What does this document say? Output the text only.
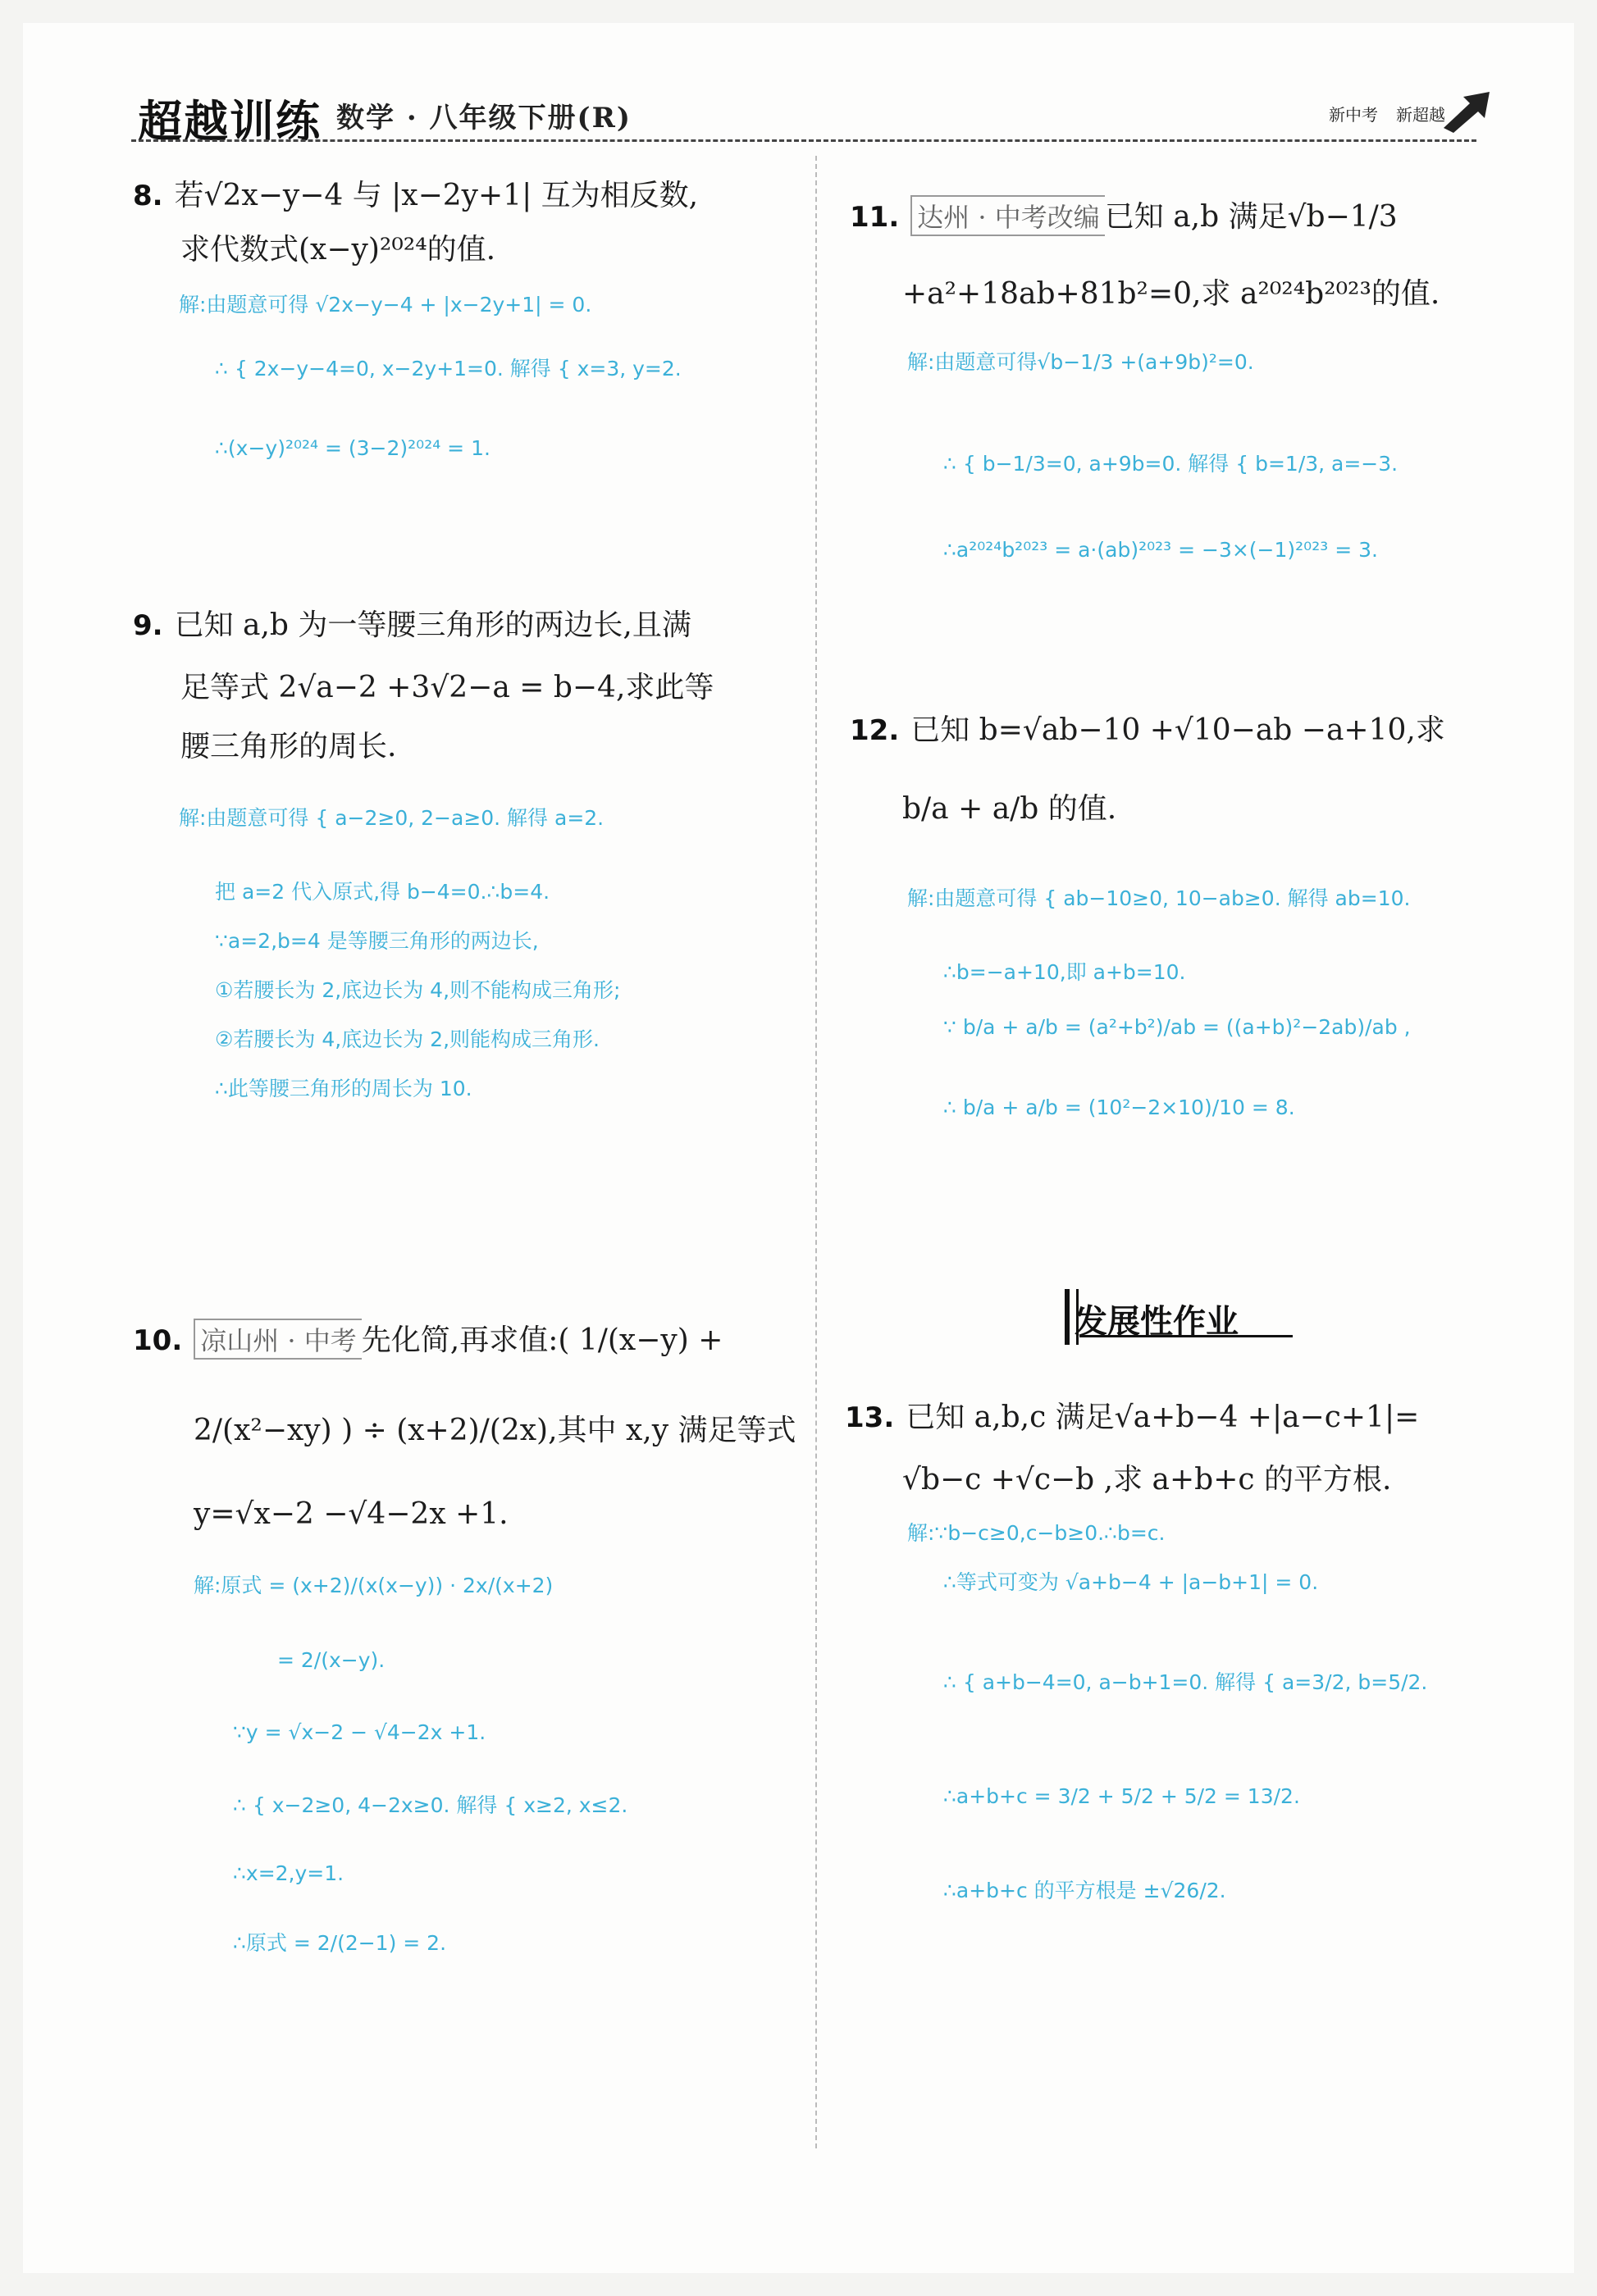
超越训练 数学 · 八年级下册(R)	新中考 新超越
8. 若√2x−y−4 与 |x−2y+1| 互为相反数,
求代数式(x−y)²⁰²⁴的值.
解:由题意可得 √2x−y−4 + |x−2y+1| = 0.
∴ { 2x−y−4=0, x−2y+1=0. 解得 { x=3, y=2.
∴(x−y)²⁰²⁴ = (3−2)²⁰²⁴ = 1.
9. 已知 a,b 为一等腰三角形的两边长,且满
足等式 2√a−2 +3√2−a = b−4,求此等
腰三角形的周长.
解:由题意可得 { a−2≥0, 2−a≥0. 解得 a=2.
把 a=2 代入原式,得 b−4=0.∴b=4.
∵a=2,b=4 是等腰三角形的两边长,
①若腰长为 2,底边长为 4,则不能构成三角形;
②若腰长为 4,底边长为 2,则能构成三角形.
∴此等腰三角形的周长为 10.
10. 凉山州 · 中考 先化简,再求值:( 1/(x−y) +
2/(x²−xy) ) ÷ (x+2)/(2x),其中 x,y 满足等式
y=√x−2 −√4−2x +1.
解:原式 = (x+2)/(x(x−y)) · 2x/(x+2)
= 2/(x−y).
∵y = √x−2 − √4−2x +1.
∴ { x−2≥0, 4−2x≥0. 解得 { x≥2, x≤2.
∴x=2,y=1.
∴原式 = 2/(2−1) = 2.
11. 达州 · 中考改编 已知 a,b 满足√b−1/3
+a²+18ab+81b²=0,求 a²⁰²⁴b²⁰²³的值.
解:由题意可得√b−1/3 +(a+9b)²=0.
∴ { b−1/3=0, a+9b=0. 解得 { b=1/3, a=−3.
∴a²⁰²⁴b²⁰²³ = a·(ab)²⁰²³ = −3×(−1)²⁰²³ = 3.
12. 已知 b=√ab−10 +√10−ab −a+10,求
b/a + a/b 的值.
解:由题意可得 { ab−10≥0, 10−ab≥0. 解得 ab=10.
∴b=−a+10,即 a+b=10.
∵ b/a + a/b = (a²+b²)/ab = ((a+b)²−2ab)/ab ,
∴ b/a + a/b = (10²−2×10)/10 = 8.
发展性作业
13. 已知 a,b,c 满足√a+b−4 +|a−c+1|=
√b−c +√c−b ,求 a+b+c 的平方根.
解:∵b−c≥0,c−b≥0.∴b=c.
∴等式可变为 √a+b−4 + |a−b+1| = 0.
∴ { a+b−4=0, a−b+1=0. 解得 { a=3/2, b=5/2.
∴a+b+c = 3/2 + 5/2 + 5/2 = 13/2.
∴a+b+c 的平方根是 ±√26/2.
